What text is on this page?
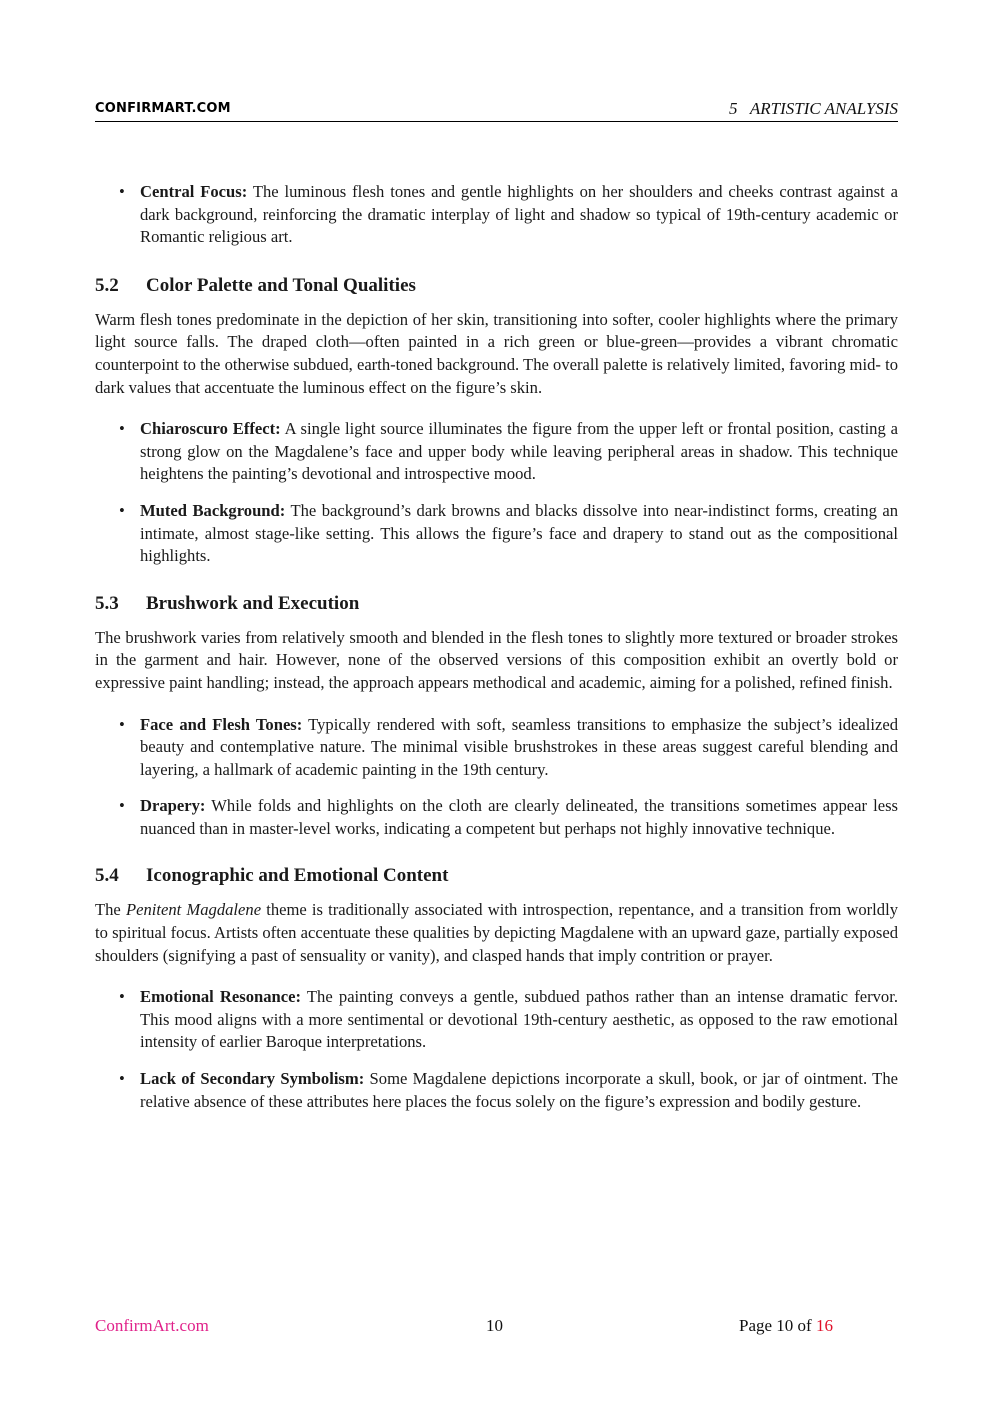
CONFIRMART.COM	5   ARTISTIC ANALYSIS
• Central Focus: The luminous flesh tones and gentle highlights on her shoulders and cheeks contrast against a dark background, reinforcing the dramatic interplay of light and shadow so typical of 19th-century academic or Romantic religious art.
5.2 Color Palette and Tonal Qualities

Warm flesh tones predominate in the depiction of her skin, transitioning into softer, cooler highlights where the primary light source falls. The draped cloth—often painted in a rich green or blue-green—provides a vibrant chromatic counterpoint to the otherwise subdued, earth-toned background. The overall palette is relatively limited, favoring mid- to dark values that accentuate the luminous effect on the figure’s skin.

• Chiaroscuro Effect: A single light source illuminates the figure from the upper left or frontal position, casting a strong glow on the Magdalene’s face and upper body while leaving peripheral areas in shadow. This technique heightens the painting’s devotional and introspective mood.
• Muted Background: The background’s dark browns and blacks dissolve into near-indistinct forms, creating an intimate, almost stage-like setting. This allows the figure’s face and drapery to stand out as the compositional highlights.
5.3 Brushwork and Execution

The brushwork varies from relatively smooth and blended in the flesh tones to slightly more textured or broader strokes in the garment and hair. However, none of the observed versions of this composition exhibit an overtly bold or expressive paint handling; instead, the approach appears methodical and academic, aiming for a polished, refined finish.

• Face and Flesh Tones: Typically rendered with soft, seamless transitions to emphasize the subject’s idealized beauty and contemplative nature. The minimal visible brushstrokes in these areas suggest careful blending and layering, a hallmark of academic painting in the 19th century.
• Drapery: While folds and highlights on the cloth are clearly delineated, the transitions sometimes appear less nuanced than in master-level works, indicating a competent but perhaps not highly innovative technique.
5.4 Iconographic and Emotional Content

The Penitent Magdalene theme is traditionally associated with introspection, repentance, and a transition from worldly to spiritual focus. Artists often accentuate these qualities by depicting Magdalene with an upward gaze, partially exposed shoulders (signifying a past of sensuality or vanity), and clasped hands that imply contrition or prayer.

• Emotional Resonance: The painting conveys a gentle, subdued pathos rather than an intense dramatic fervor. This mood aligns with a more sentimental or devotional 19th-century aesthetic, as opposed to the raw emotional intensity of earlier Baroque interpretations.
• Lack of Secondary Symbolism: Some Magdalene depictions incorporate a skull, book, or jar of ointment. The relative absence of these attributes here places the focus solely on the figure’s expression and bodily gesture.
ConfirmArt.com	10	Page 10 of 16
